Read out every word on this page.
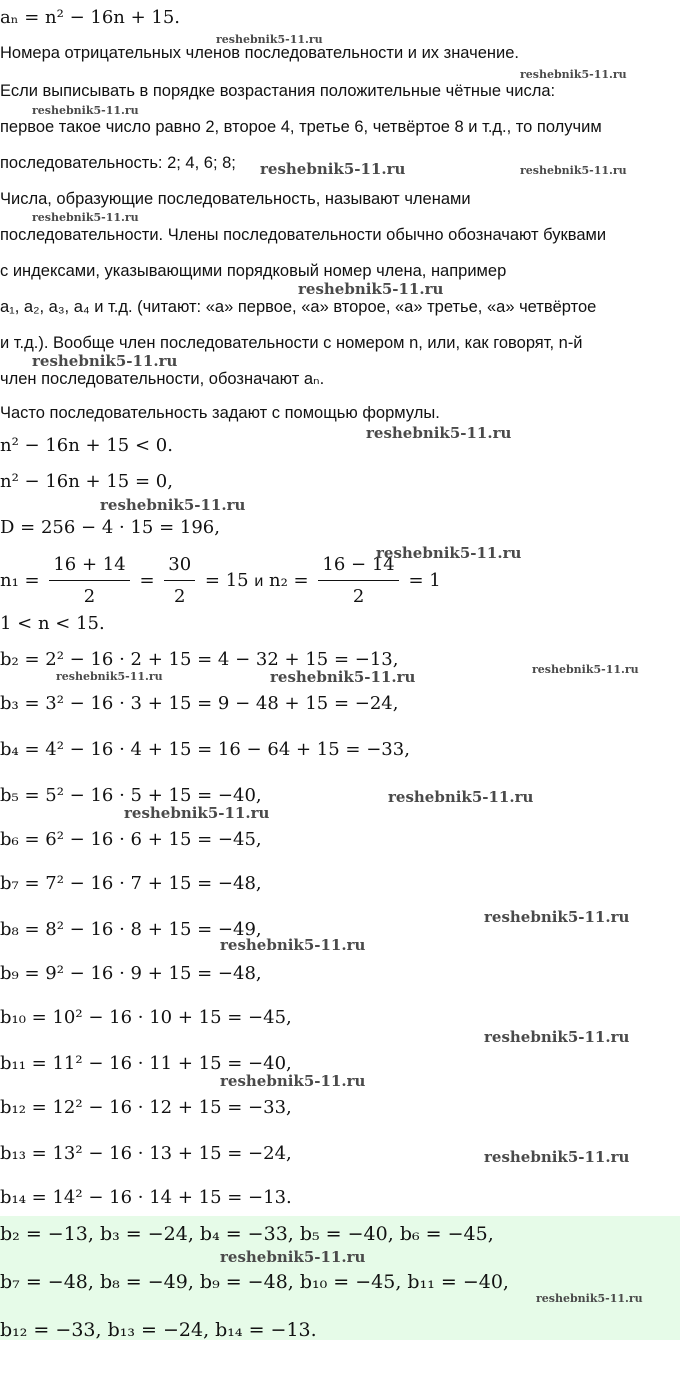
aₙ = n² − 16n + 15.
Номера отрицательных членов последовательности и их значение.
Если выписывать в порядке возрастания положительные чётные числа:
первое такое число равно 2, второе 4, третье 6, четвёртое 8 и т.д., то получим
последовательность: 2; 4, 6; 8;
Числа, образующие последовательность, называют членами
последовательности. Члены последовательности обычно обозначают буквами
с индексами, указывающими порядковый номер члена, например
a₁, a₂, a₃, a₄ и т.д. (читают: «a» первое, «a» второе, «a» третье, «a» четвёртое
и т.д.). Вообще член последовательности с номером n, или, как говорят, n-й
член последовательности, обозначают aₙ.
Часто последовательность задают с помощью формулы.
n² − 16n + 15 < 0.
n² − 16n + 15 = 0,
D = 256 − 4 · 15 = 196,
$n_1 = \frac{16 + 14}{2} = \frac{30}{2} = 15$ и $n_2 = \frac{16 - 14}{2} = 1$
1 < n < 15.
b₂ = 2² − 16 · 2 + 15 = 4 − 32 + 15 = −13,
b₃ = 3² − 16 · 3 + 15 = 9 − 48 + 15 = −24,
b₄ = 4² − 16 · 4 + 15 = 16 − 64 + 15 = −33,
b₅ = 5² − 16 · 5 + 15 = −40,
b₆ = 6² − 16 · 6 + 15 = −45,
b₇ = 7² − 16 · 7 + 15 = −48,
b₈ = 8² − 16 · 8 + 15 = −49,
b₉ = 9² − 16 · 9 + 15 = −48,
b₁₀ = 10² − 16 · 10 + 15 = −45,
b₁₁ = 11² − 16 · 11 + 15 = −40,
b₁₂ = 12² − 16 · 12 + 15 = −33,
b₁₃ = 13² − 16 · 13 + 15 = −24,
b₁₄ = 14² − 16 · 14 + 15 = −13.
b₂ = −13, b₃ = −24, b₄ = −33, b₅ = −40, b₆ = −45,
b₇ = −48, b₈ = −49, b₉ = −48, b₁₀ = −45, b₁₁ = −40,
b₁₂ = −33, b₁₃ = −24, b₁₄ = −13.
reshebnik5-11.ru
reshebnik5-11.ru
reshebnik5-11.ru
reshebnik5-11.ru	reshebnik5-11.ru
reshebnik5-11.ru
reshebnik5-11.ru
reshebnik5-11.ru
reshebnik5-11.ru
reshebnik5-11.ru
reshebnik5-11.ru
reshebnik5-11.ru	reshebnik5-11.ru	reshebnik5-11.ru
reshebnik5-11.ru
reshebnik5-11.ru
reshebnik5-11.ru
reshebnik5-11.ru
reshebnik5-11.ru
reshebnik5-11.ru
reshebnik5-11.ru
reshebnik5-11.ru
reshebnik5-11.ru
